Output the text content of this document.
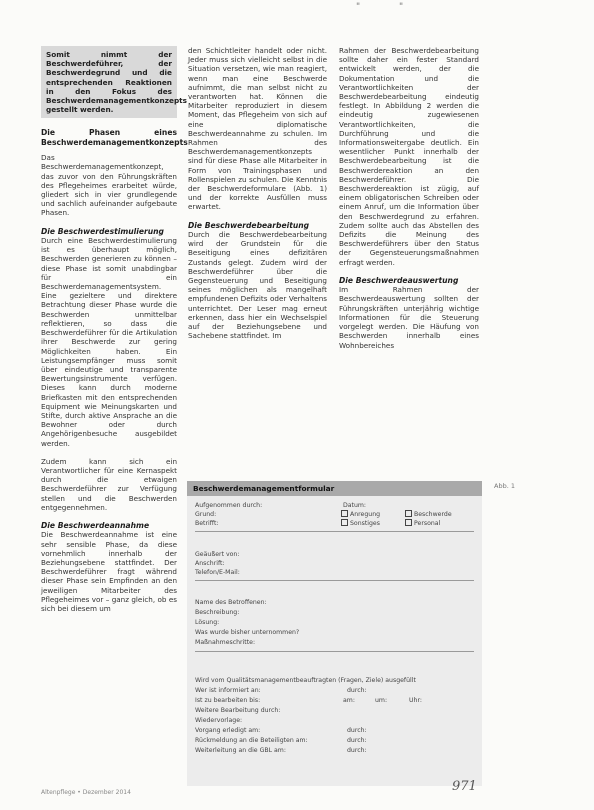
" "
Somit nimmt der Beschwerdeführer, der Beschwerdegrund und die entsprechenden Reaktionen in den Fokus des Beschwerdemanagementkonzepts gestellt werden.
Die Phasen eines Beschwerdemanagementkonzepts

Das Beschwerdemanagementkonzept, das zuvor von den Führungskräften des Pflegeheimes erarbeitet würde, gliedert sich in vier grundlegende und sachlich aufeinander aufgebaute Phasen.

Die Beschwerdestimulierung

Durch eine Beschwerdestimulierung ist es überhaupt möglich, Beschwerden generieren zu können – diese Phase ist somit unabdingbar für ein Beschwerdemanagementsystem. Eine gezieltere und direktere Betrachtung dieser Phase wurde die Beschwerden unmittelbar reflektieren, so dass die Beschwerdeführer für die Artikulation ihrer Beschwerde zur gering Möglichkeiten haben. Ein Leistungsempfänger muss somit über eindeutige und transparente Bewertungsinstrumente verfügen. Dieses kann durch moderne Briefkasten mit den entsprechenden Equipment wie Meinungskarten und Stifte, durch aktive Ansprache an die Bewohner oder durch Angehörigenbesuche ausgebildet werden.

Zudem kann sich ein Verantwortlicher für eine Kernaspekt durch die etwaigen Beschwerdeführer zur Verfügung stellen und die Beschwerden entgegennehmen.

Die Beschwerdeannahme

Die Beschwerdeannahme ist eine sehr sensible Phase, da diese vornehmlich innerhalb der Beziehungsebene stattfindet. Der Beschwerdeführer fragt während dieser Phase sein Empfinden an den jeweiligen Mitarbeiter des Pflegeheimes vor – ganz gleich, ob es sich bei diesem um

den Schichtleiter handelt oder nicht. Jeder muss sich vielleicht selbst in die Situation versetzen, wie man reagiert, wenn man eine Beschwerde aufnimmt, die man selbst nicht zu verantworten hat. Können die Mitarbeiter reproduziert in diesem Moment, das Pflegeheim von sich auf eine diplomatische Beschwerdeannahme zu schulen. Im Rahmen des Beschwerdemanagementkonzepts sind für diese Phase alle Mitarbeiter in Form von Trainingsphasen und Rollenspielen zu schulen. Die Kenntnis der Beschwerdeformulare (Abb. 1) und der korrekte Ausfüllen muss erwartet.

Die Beschwerdebearbeitung

Durch die Beschwerdebearbeitung wird der Grundstein für die Beseitigung eines defizitären Zustands gelegt. Zudem wird der Beschwerdeführer über die Gegensteuerung und Beseitigung seines möglichen als mangelhaft empfundenen Defizits oder Verhaltens unterrichtet. Der Leser mag erneut erkennen, dass hier ein Wechselspiel auf der Beziehungsebene und Sachebene stattfindet. Im

Rahmen der Beschwerdebearbeitung sollte daher ein fester Standard entwickelt werden, der die Dokumentation und die Verantwortlichkeiten der Beschwerdebearbeitung eindeutig festlegt. In Abbildung 2 werden die eindeutig zugewiesenen Verantwortlichkeiten, die Durchführung und die Informationsweitergabe deutlich. Ein wesentlicher Punkt innerhalb der Beschwerdebearbeitung ist die Beschwerdereaktion an den Beschwerdeführer. Die Beschwerdereaktion ist zügig, auf einem obligatorischen Schreiben oder einem Anruf, um die Information über den Beschwerdegrund zu erfahren. Zudem sollte auch das Abstellen des Defizits die Meinung des Beschwerdeführers über den Status der Gegensteuerungsmaßnahmen erfragt werden.

Die Beschwerdeauswertung

Im Rahmen der Beschwerdeauswertung sollten der Führungskräften unterjährig wichtige Informationen für die Steuerung vorgelegt werden. Die Häufung von Beschwerden innerhalb eines Wohnbereiches

Abb. 1
Beschwerdemanagementformular
Aufgenommen durch:	Datum:
Grund:	Anregung	Beschwerde
Betrifft:	Sonstiges	Personal
Geäußert von:
Anschrift:
Telefon/E-Mail:
Name des Betroffenen:
Beschreibung:
Lösung:
Was wurde bisher unternommen?
Maßnahmeschritte:
Wird vom Qualitätsmanagementbeauftragten (Fragen, Ziele) ausgefüllt
Wer ist informiert an:	durch:
Ist zu bearbeiten bis:	am:	um:	Uhr:
Weitere Bearbeitung durch:
Wiedervorlage:
Vorgang erledigt am:	durch:
Rückmeldung an die Beteiligten am:	durch:
Weiterleitung an die GBL am:	durch:
Altenpflege • Dezember 2014	971
